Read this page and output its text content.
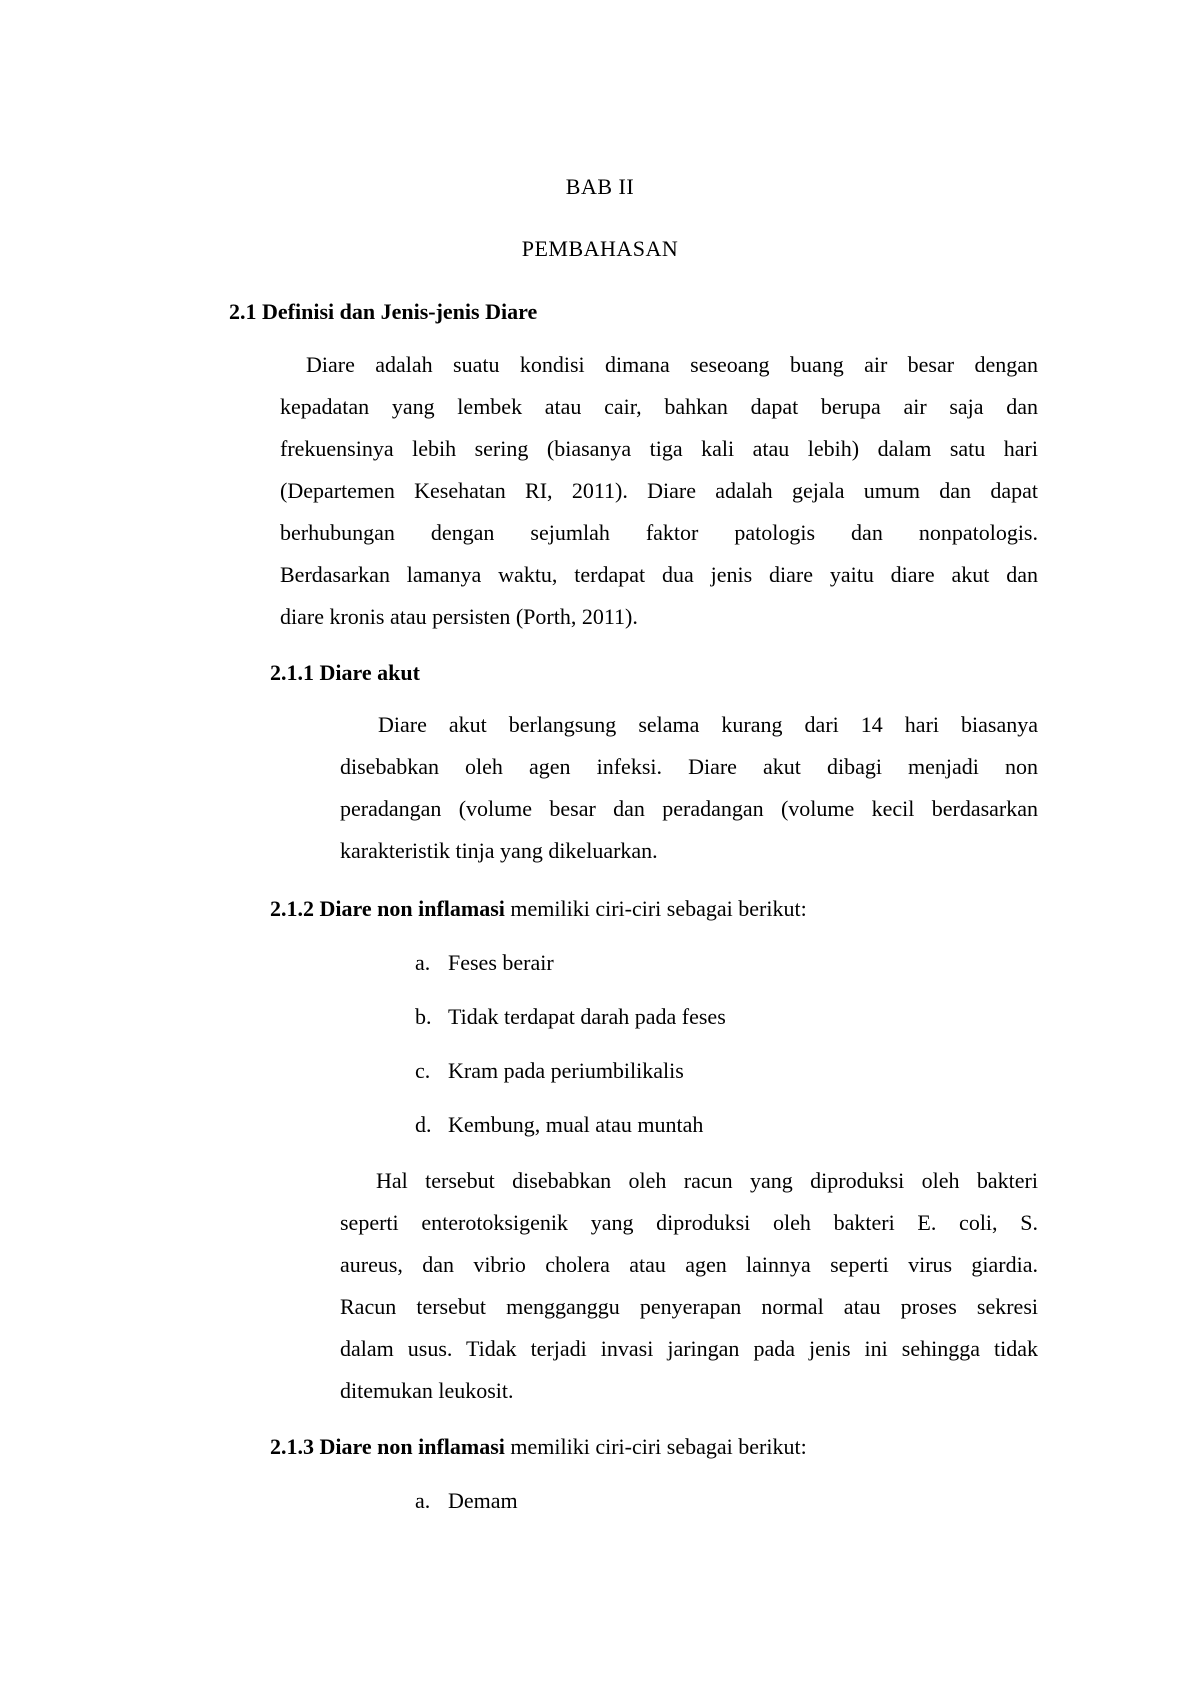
BAB II

PEMBAHASAN

2.1 Definisi dan Jenis-jenis Diare

Diare adalah suatu kondisi dimana seseoang buang air besar dengan
kepadatan yang lembek atau cair, bahkan dapat berupa air saja dan
frekuensinya lebih sering (biasanya tiga kali atau lebih) dalam satu hari
(Departemen Kesehatan RI, 2011). Diare adalah gejala umum dan dapat
berhubungan dengan sejumlah faktor patologis dan nonpatologis.
Berdasarkan lamanya waktu, terdapat dua jenis diare yaitu diare akut dan
diare kronis atau persisten (Porth, 2011).

2.1.1 Diare akut

Diare akut berlangsung selama kurang dari 14 hari biasanya
disebabkan oleh agen infeksi. Diare akut dibagi menjadi non
peradangan (volume besar dan peradangan (volume kecil berdasarkan
karakteristik tinja yang dikeluarkan.

2.1.2 Diare non inflamasi memiliki ciri-ciri sebagai berikut:

a. Feses berair
b. Tidak terdapat darah pada feses
c. Kram pada periumbilikalis
d. Kembung, mual atau muntah
Hal tersebut disebabkan oleh racun yang diproduksi oleh bakteri
seperti enterotoksigenik yang diproduksi oleh bakteri E. coli, S.
aureus, dan vibrio cholera atau agen lainnya seperti virus giardia.
Racun tersebut mengganggu penyerapan normal atau proses sekresi
dalam usus. Tidak terjadi invasi jaringan pada jenis ini sehingga tidak
ditemukan leukosit.

2.1.3 Diare non inflamasi memiliki ciri-ciri sebagai berikut:

a. Demam
